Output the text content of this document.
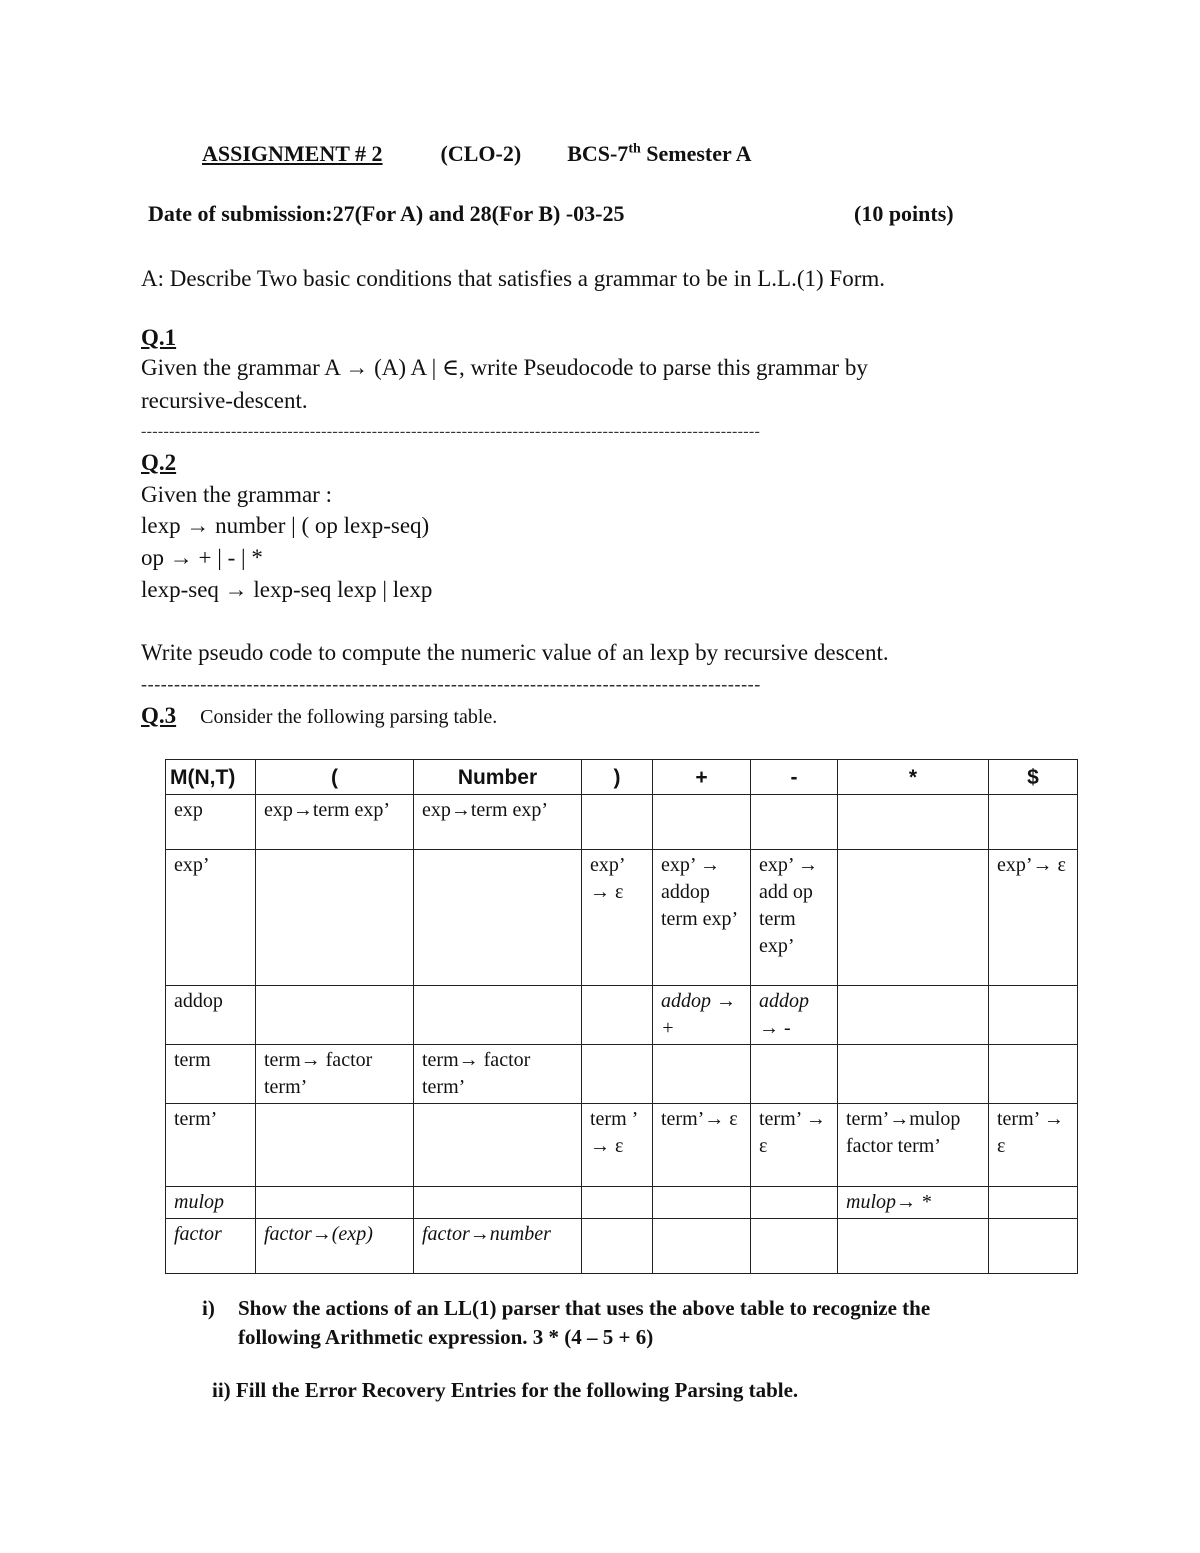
ASSIGNMENT # 2	(CLO-2) BCS-7th Semester A
Date of submission:27(For A) and 28(For B) -03-25	(10 points)
A: Describe Two basic conditions that satisfies a grammar to be in L.L.(1) Form.
Q.1
Given the grammar A → (A) A | ∈, write Pseudocode to parse this grammar by
recursive-descent.
--------------------------------------------------------------------------------------------------------------
Q.2
Given the grammar :
lexp → number | ( op lexp-seq)
op → + | - | *
lexp-seq → lexp-seq lexp | lexp
Write pseudo code to compute the numeric value of an lexp by recursive descent.
----------------------------------------------------------------------------------------------
Q.3 Consider the following parsing table.
M(N,T)	(	Number	)	+	-	*	$
exp	exp→term exp’	exp→term exp’					
exp’			exp’ → ε	exp’ → addop term exp’	exp’ → add op term exp’		exp’→ ε
addop				addop → +	addop → -		
term	term→ factor term’	term→ factor term’					
term’			term ’ → ε	term’→ ε	term’ → ε	term’→mulop factor term’	term’ → ε
mulop						mulop→ *	
factor	factor→(exp)	factor→number					
i) Show the actions of an LL(1) parser that uses the above table to recognize the
following Arithmetic expression. 3 * (4 – 5 + 6)
ii) Fill the Error Recovery Entries for the following Parsing table.
